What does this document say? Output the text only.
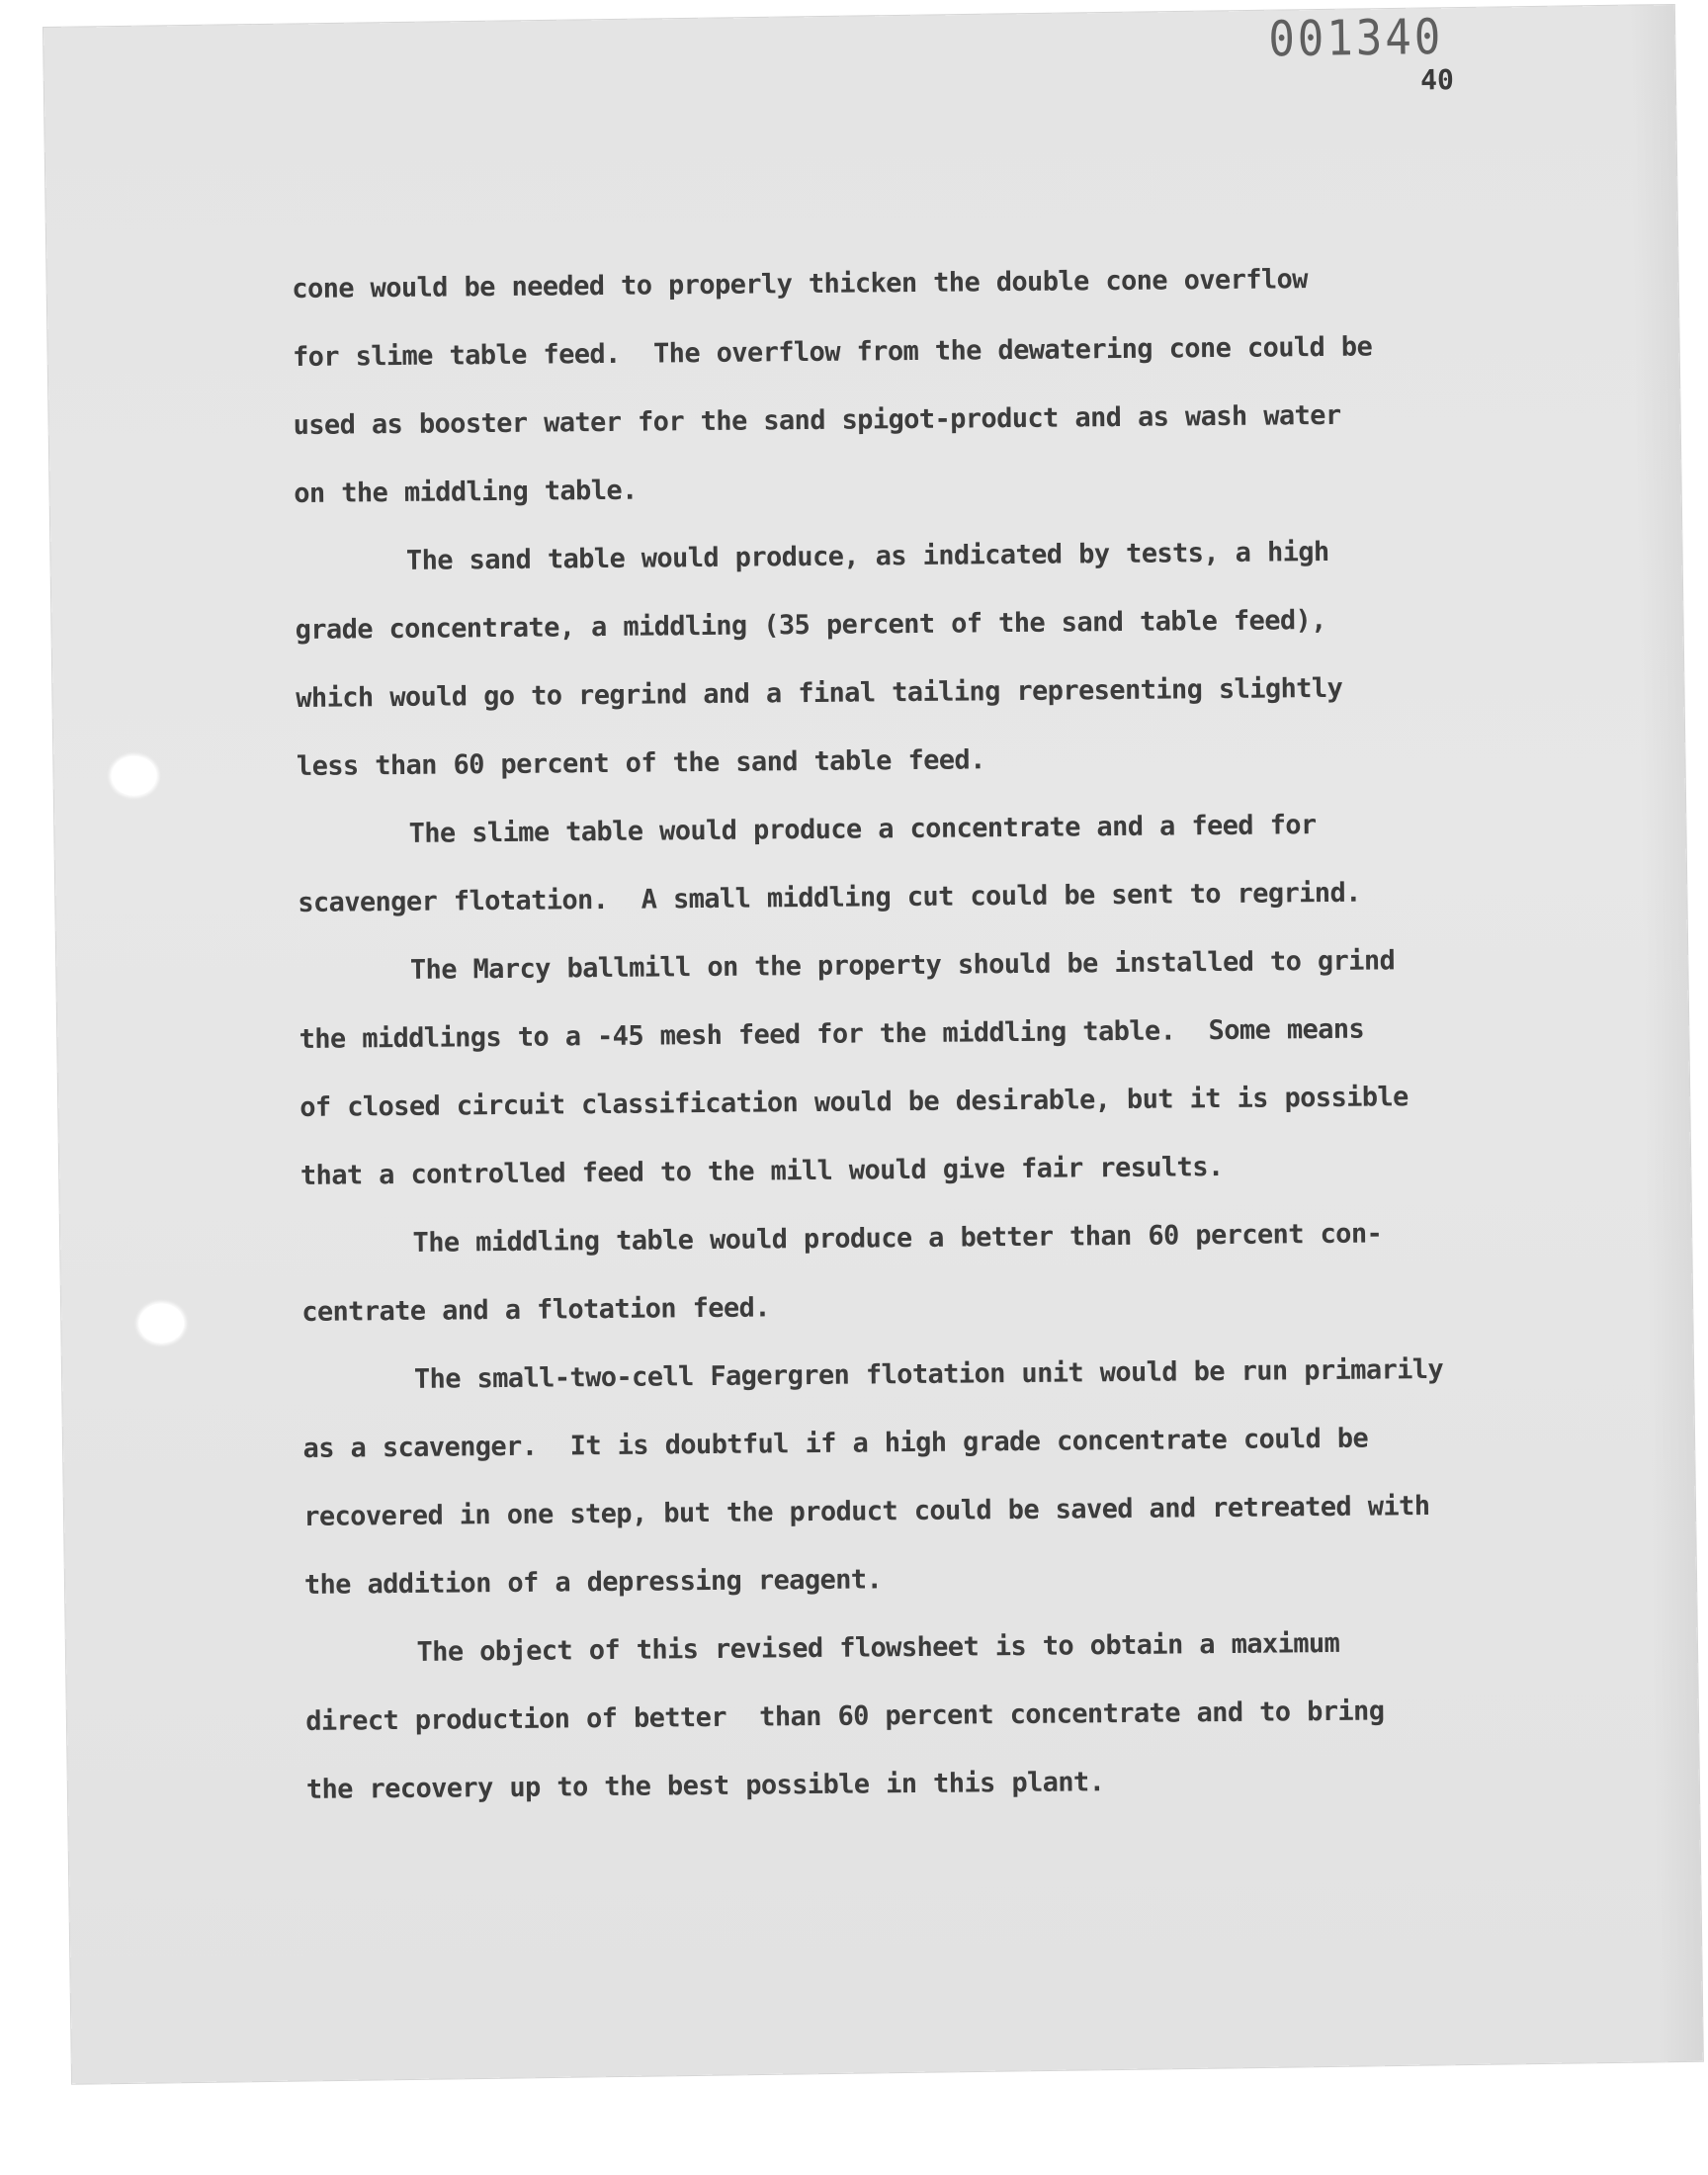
001340
40

cone would be needed to properly thicken the double cone overflow
for slime table feed.  The overflow from the dewatering cone could be
used as booster water for the sand spigot-product and as wash water
on the middling table.

The sand table would produce, as indicated by tests, a high
grade concentrate, a middling (35 percent of the sand table feed),
which would go to regrind and a final tailing representing slightly
less than 60 percent of the sand table feed.

The slime table would produce a concentrate and a feed for
scavenger flotation.  A small middling cut could be sent to regrind.

The Marcy ballmill on the property should be installed to grind
the middlings to a -45 mesh feed for the middling table.  Some means
of closed circuit classification would be desirable, but it is possible
that a controlled feed to the mill would give fair results.

The middling table would produce a better than 60 percent con-
centrate and a flotation feed.

The small-two-cell Fagergren flotation unit would be run primarily
as a scavenger.  It is doubtful if a high grade concentrate could be
recovered in one step, but the product could be saved and retreated with
the addition of a depressing reagent.

The object of this revised flowsheet is to obtain a maximum
direct production of better  than 60 percent concentrate and to bring
the recovery up to the best possible in this plant.
